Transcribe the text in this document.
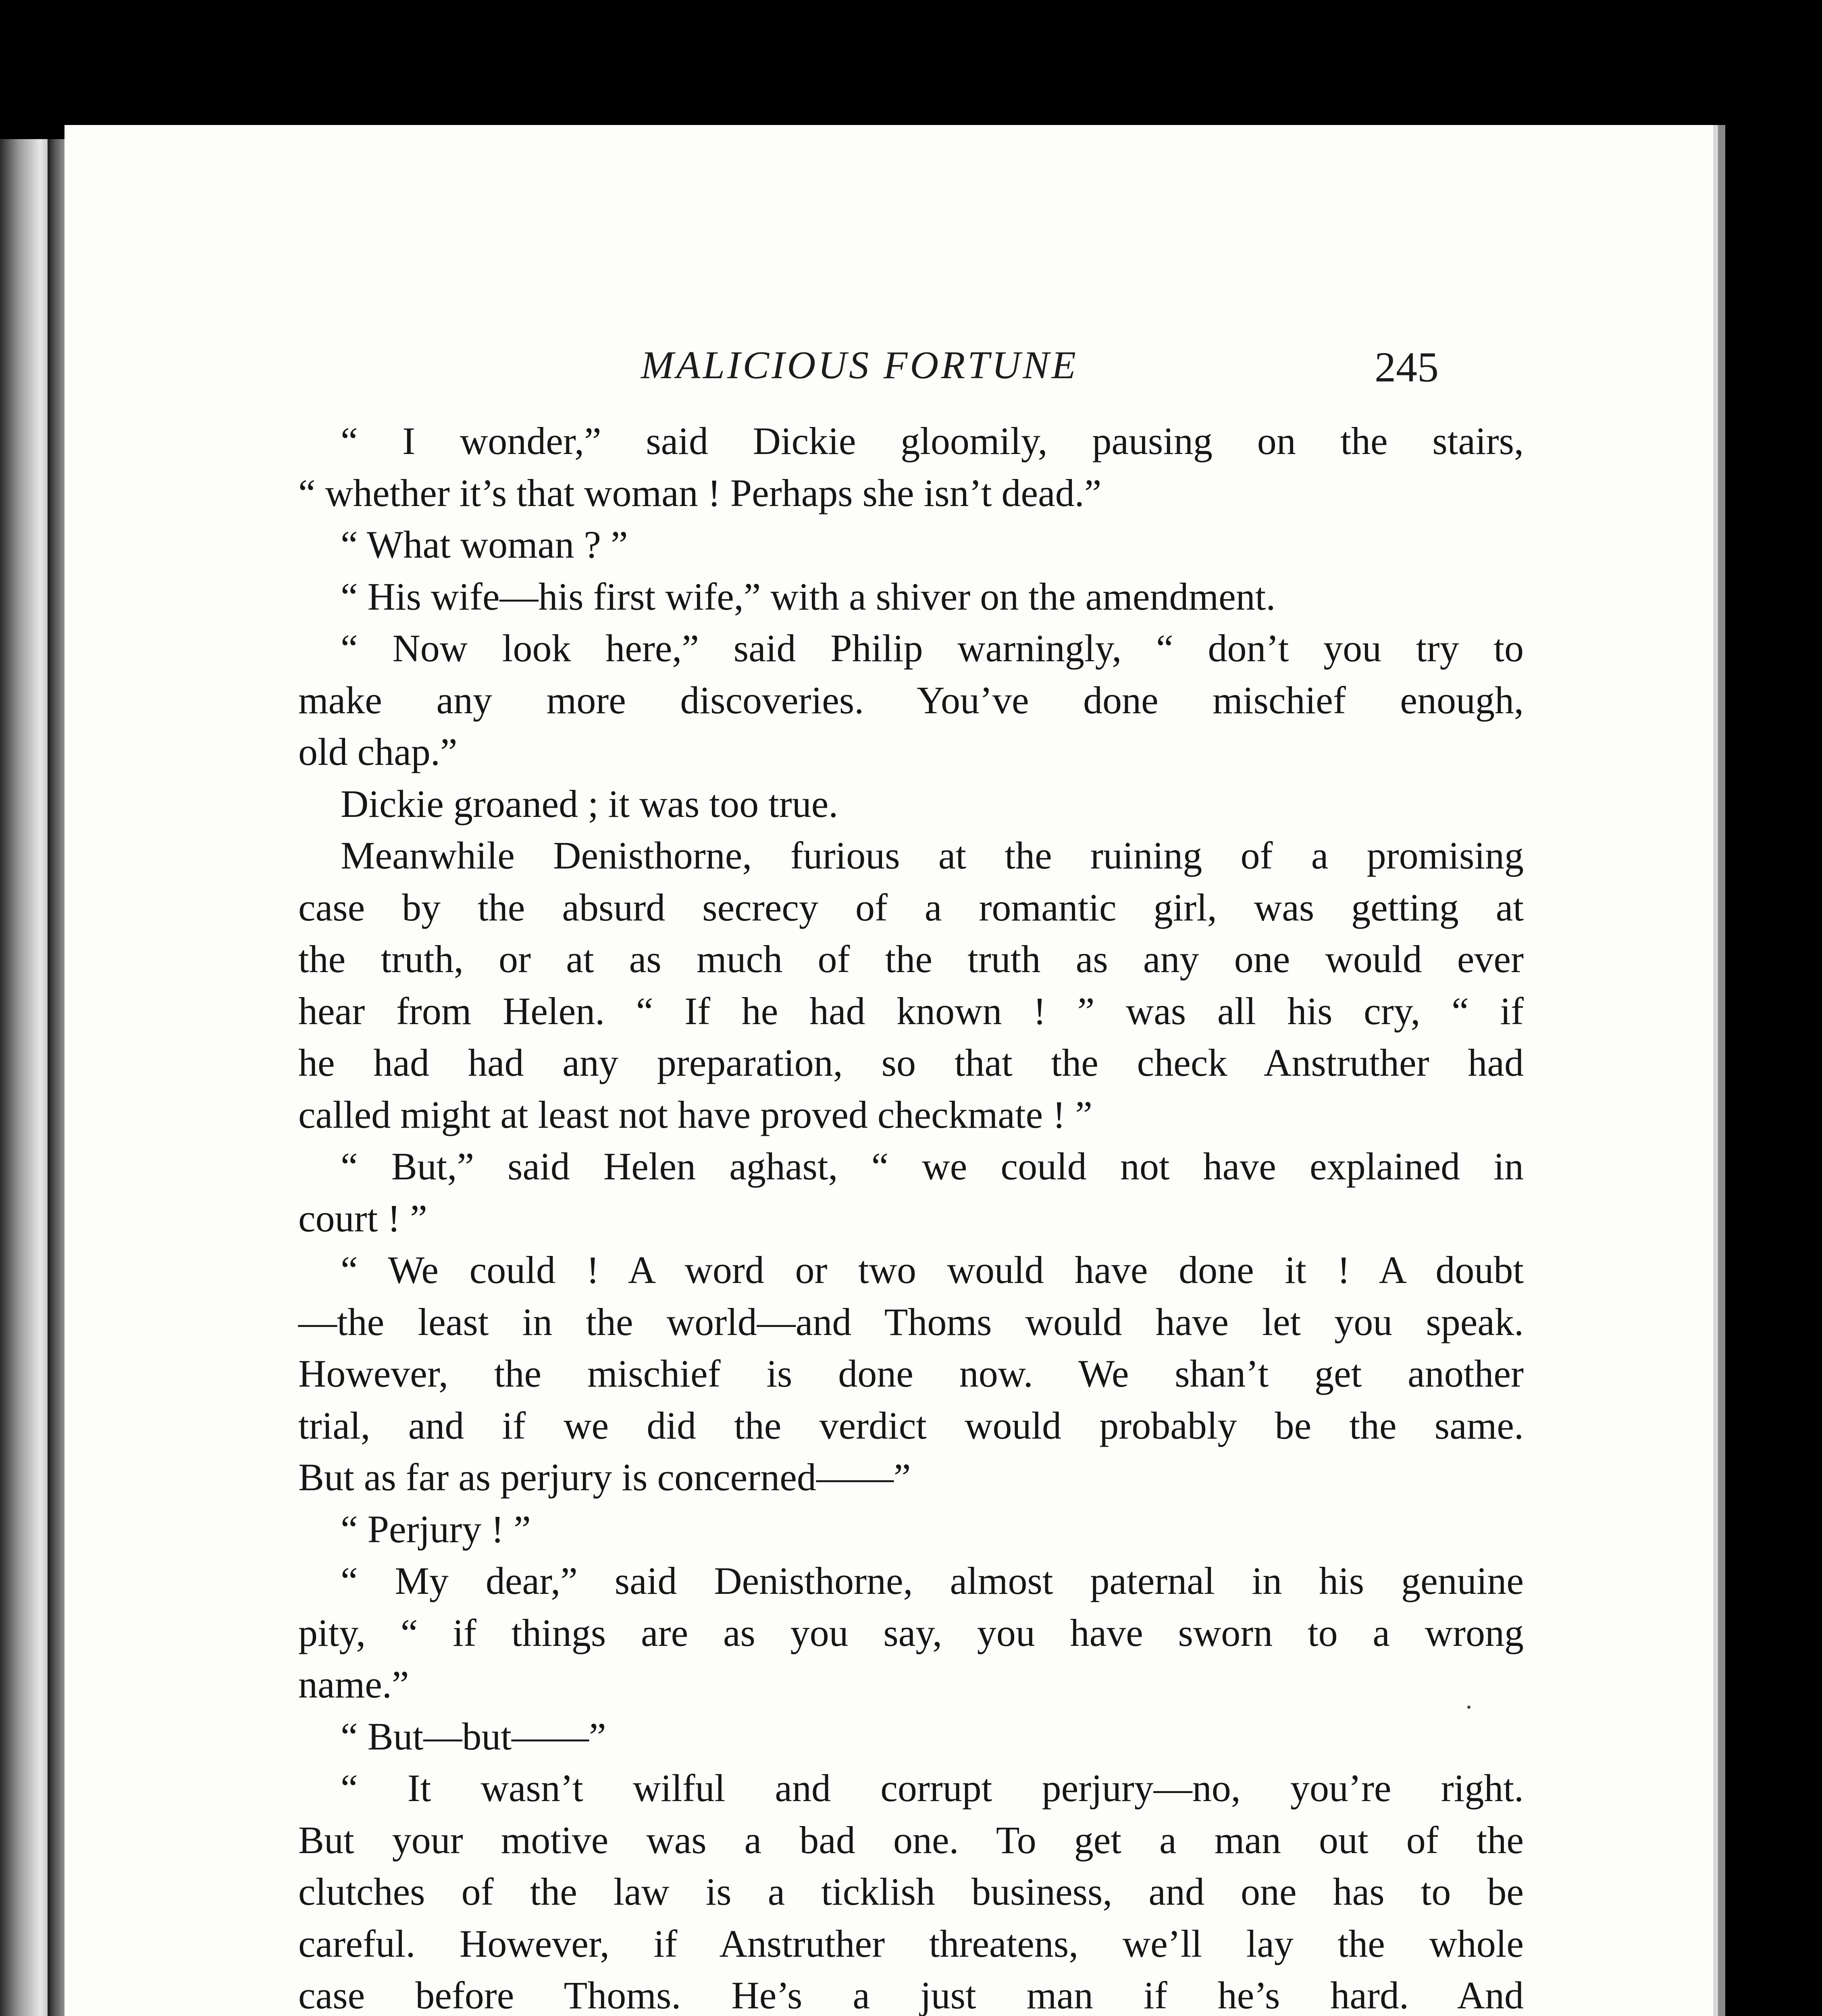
MALICIOUS FORTUNE	245
“ I wonder,” said Dickie gloomily, pausing on the stairs,
“ whether it’s that woman ! Perhaps she isn’t dead.”
“ What woman ? ”
“ His wife—his first wife,” with a shiver on the amendment.
“ Now look here,” said Philip warningly, “ don’t you try to
make any more discoveries. You’ve done mischief enough,
old chap.”
Dickie groaned ; it was too true.
Meanwhile Denisthorne, furious at the ruining of a promising
case by the absurd secrecy of a romantic girl, was getting at
the truth, or at as much of the truth as any one would ever
hear from Helen. “ If he had known ! ” was all his cry, “ if
he had had any preparation, so that the check Anstruther had
called might at least not have proved checkmate ! ”
“ But,” said Helen aghast, “ we could not have explained in
court ! ”
“ We could ! A word or two would have done it ! A doubt
—the least in the world—and Thoms would have let you speak.
However, the mischief is done now. We shan’t get another
trial, and if we did the verdict would probably be the same.
But as far as perjury is concerned——”
“ Perjury ! ”
“ My dear,” said Denisthorne, almost paternal in his genuine
pity, “ if things are as you say, you have sworn to a wrong
name.”
“ But—but——”
“ It wasn’t wilful and corrupt perjury—no, you’re right.
But your motive was a bad one. To get a man out of the
clutches of the law is a ticklish business, and one has to be
careful. However, if Anstruther threatens, we’ll lay the whole
case before Thoms. He’s a just man if he’s hard. And
